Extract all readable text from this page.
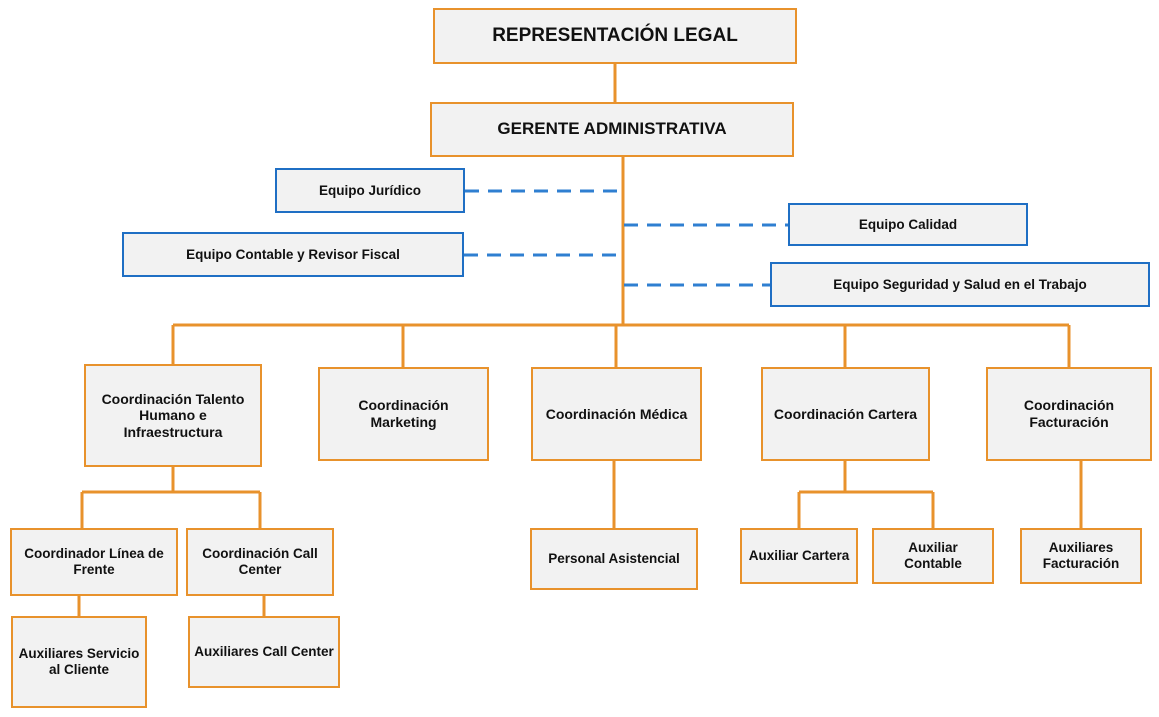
REPRESENTACIÓN LEGAL
GERENTE ADMINISTRATIVA
Equipo Jurídico
Equipo Calidad
Equipo Contable y Revisor Fiscal
Equipo Seguridad y Salud en el Trabajo
Coordinación Talento Humano e Infraestructura
Coordinación Marketing
Coordinación Médica	Coordinación Cartera
Coordinación Facturación
Coordinador Línea de Frente
Coordinación Call Center
Personal Asistencial	Auxiliar Cartera
Auxiliar Contable
Auxiliares Facturación
Auxiliares Servicio al Cliente
Auxiliares Call Center
